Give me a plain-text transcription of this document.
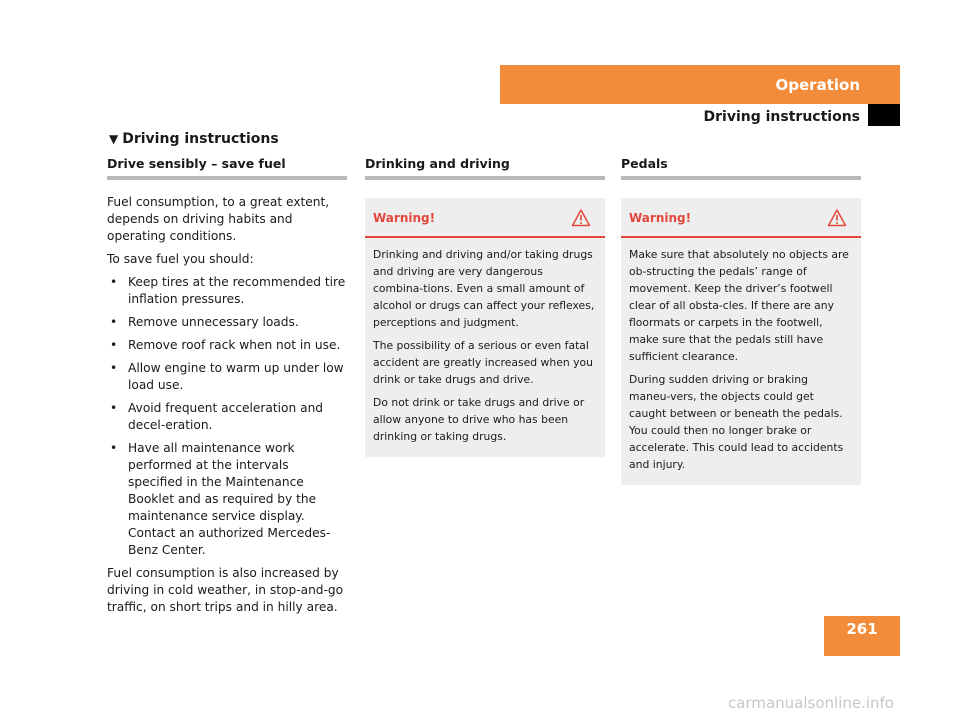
Operation
Driving instructions
▼ Driving instructions
Drive sensibly – save fuel

Fuel consumption, to a great extent, depends on driving habits and operating conditions.

To save fuel you should:

• Keep tires at the recommended tire inflation pressures.
• Remove unnecessary loads.
• Remove roof rack when not in use.
• Allow engine to warm up under low load use.
• Avoid frequent acceleration and decel-eration.
• Have all maintenance work performed at the intervals specified in the Maintenance Booklet and as required by the maintenance service display. Contact an authorized Mercedes-Benz Center.

Fuel consumption is also increased by driving in cold weather, in stop-and-go traffic, on short trips and in hilly area.

Drinking and driving
Warning!

Drinking and driving and/or taking drugs and driving are very dangerous combina-tions. Even a small amount of alcohol or drugs can affect your reflexes, perceptions and judgment.

The possibility of a serious or even fatal accident are greatly increased when you drink or take drugs and drive.

Do not drink or take drugs and drive or allow anyone to drive who has been drinking or taking drugs.

Pedals
Warning!

Make sure that absolutely no objects are ob-structing the pedals’ range of movement. Keep the driver’s footwell clear of all obsta-cles. If there are any floormats or carpets in the footwell, make sure that the pedals still have sufficient clearance.

During sudden driving or braking maneu-vers, the objects could get caught between or beneath the pedals. You could then no longer brake or accelerate. This could lead to accidents and injury.

261
carmanualsonline.info
